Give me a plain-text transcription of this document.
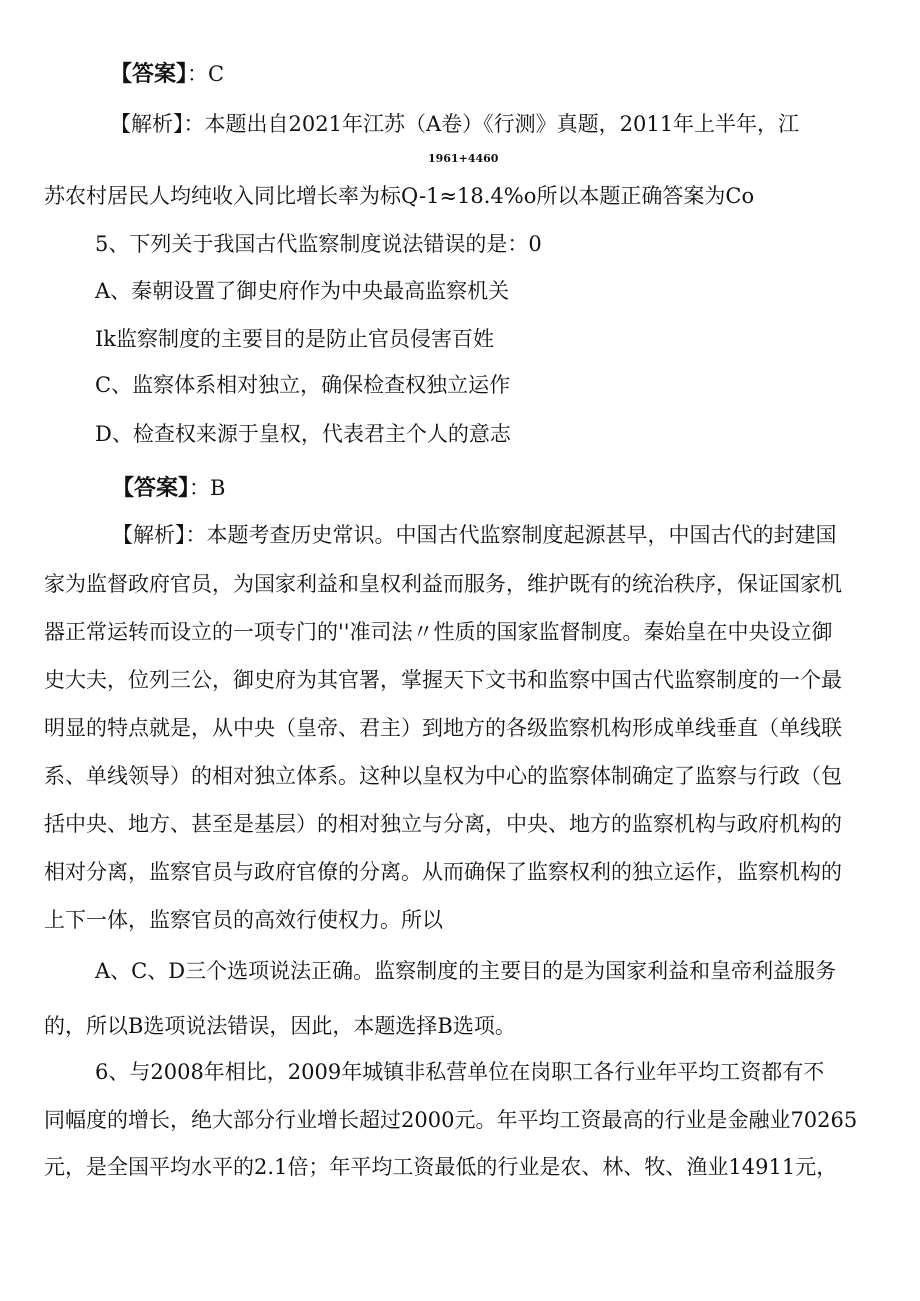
【答案】：C
【解析】：本题出自2021年江苏（A卷）《行测》真题，2011年上半年，江
1961+4460
苏农村居民人均纯收入同比增长率为标Q-1≈18.4%o所以本题正确答案为Co
5、下列关于我国古代监察制度说法错误的是：0
A、秦朝设置了御史府作为中央最高监察机关
Ik监察制度的主要目的是防止官员侵害百姓
C、监察体系相对独立，确保检查权独立运作
D、检查权来源于皇权，代表君主个人的意志
【答案】：B
【解析】：本题考查历史常识。中国古代监察制度起源甚早，中国古代的封建国
家为监督政府官员，为国家利益和皇权利益而服务，维护既有的统治秩序，保证国家机
器正常运转而设立的一项专门的''准司法〃性质的国家监督制度。秦始皇在中央设立御
史大夫，位列三公，御史府为其官署，掌握天下文书和监察中国古代监察制度的一个最
明显的特点就是，从中央（皇帝、君主）到地方的各级监察机构形成单线垂直（单线联
系、单线领导）的相对独立体系。这种以皇权为中心的监察体制确定了监察与行政（包
括中央、地方、甚至是基层）的相对独立与分离，中央、地方的监察机构与政府机构的
相对分离，监察官员与政府官僚的分离。从而确保了监察权利的独立运作，监察机构的
上下一体，监察官员的高效行使权力。所以
A、C、D三个选项说法正确。监察制度的主要目的是为国家利益和皇帝利益服务
的，所以B选项说法错误，因此，本题选择B选项。
6、与2008年相比，2009年城镇非私营单位在岗职工各行业年平均工资都有不
同幅度的增长，绝大部分行业增长超过2000元。年平均工资最高的行业是金融业70265
元，是全国平均水平的2.1倍；年平均工资最低的行业是农、林、牧、渔业14911元，
